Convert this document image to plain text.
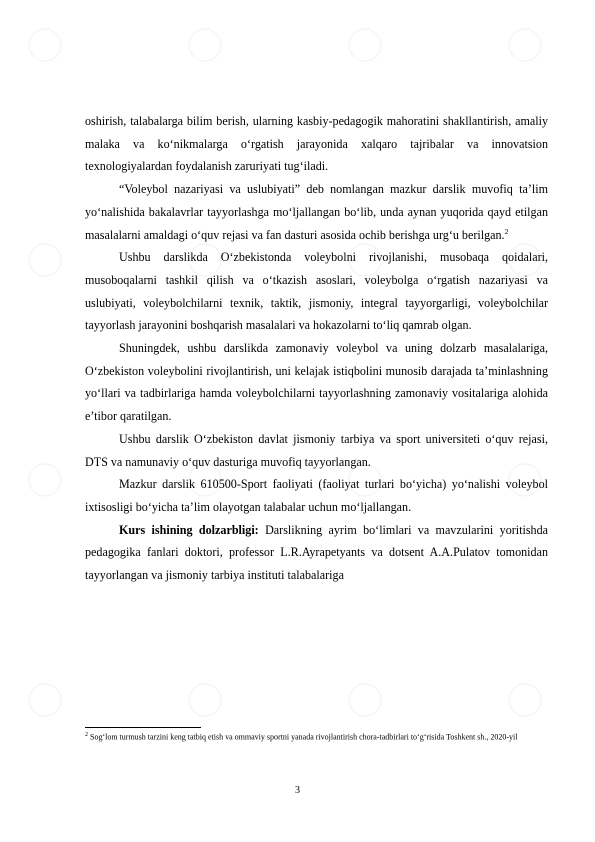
oshirish, talabalarga bilim berish, ularning kasbiy-pedagogik mahoratini shakllantirish, amaliy malaka va ko‘nikmalarga o‘rgatish jarayonida xalqaro tajribalar va innovatsion texnologiyalardan foydalanish zaruriyati tug‘iladi.

“Voleybol nazariyasi va uslubiyati” deb nomlangan mazkur darslik muvofiq ta’lim yo‘nalishida bakalavrlar tayyorlashga mo‘ljallangan bo‘lib, unda aynan yuqorida qayd etilgan masalalarni amaldagi o‘quv rejasi va fan dasturi asosida ochib berishga urg‘u berilgan.$^2$

Ushbu darslikda O‘zbekistonda voleybolni rivojlanishi, musobaqa qoidalari, musoboqalarni tashkil qilish va o‘tkazish asoslari, voleybolga o‘rgatish nazariyasi va uslubiyati, voleybolchilarni texnik, taktik, jismoniy, integral tayyorgarligi, voleybolchilar tayyorlash jarayonini boshqarish masalalari va hokazolarni to‘liq qamrab olgan.

Shuningdek, ushbu darslikda zamonaviy voleybol va uning dolzarb masalalariga, O‘zbekiston voleybolini rivojlantirish, uni kelajak istiqbolini munosib darajada ta’minlashning yo‘llari va tadbirlariga hamda voleybolchilarni tayyorlashning zamonaviy vositalariga alohida e’tibor qaratilgan.

Ushbu darslik O‘zbekiston davlat jismoniy tarbiya va sport universiteti o‘quv rejasi, DTS va namunaviy o‘quv dasturiga muvofiq tayyorlangan.

Mazkur darslik 610500-Sport faoliyati (faoliyat turlari bo‘yicha) yo‘nalishi voleybol ixtisosligi bo‘yicha ta’lim olayotgan talabalar uchun mo‘ljallangan.

Kurs ishining dolzarbligi: Darslikning ayrim bo‘limlari va mavzularini yoritishda pedagogika fanlari doktori, professor L.R.Ayrapetyants va dotsent A.A.Pulatov tomonidan tayyorlangan va jismoniy tarbiya instituti talabalariga

$^2$ Sog‘lom turmush tarzini keng tatbiq etish va ommaviy sportni yanada rivojlantirish chora-tadbirlari to‘g‘risida Toshkent sh., 2020-yil
3
